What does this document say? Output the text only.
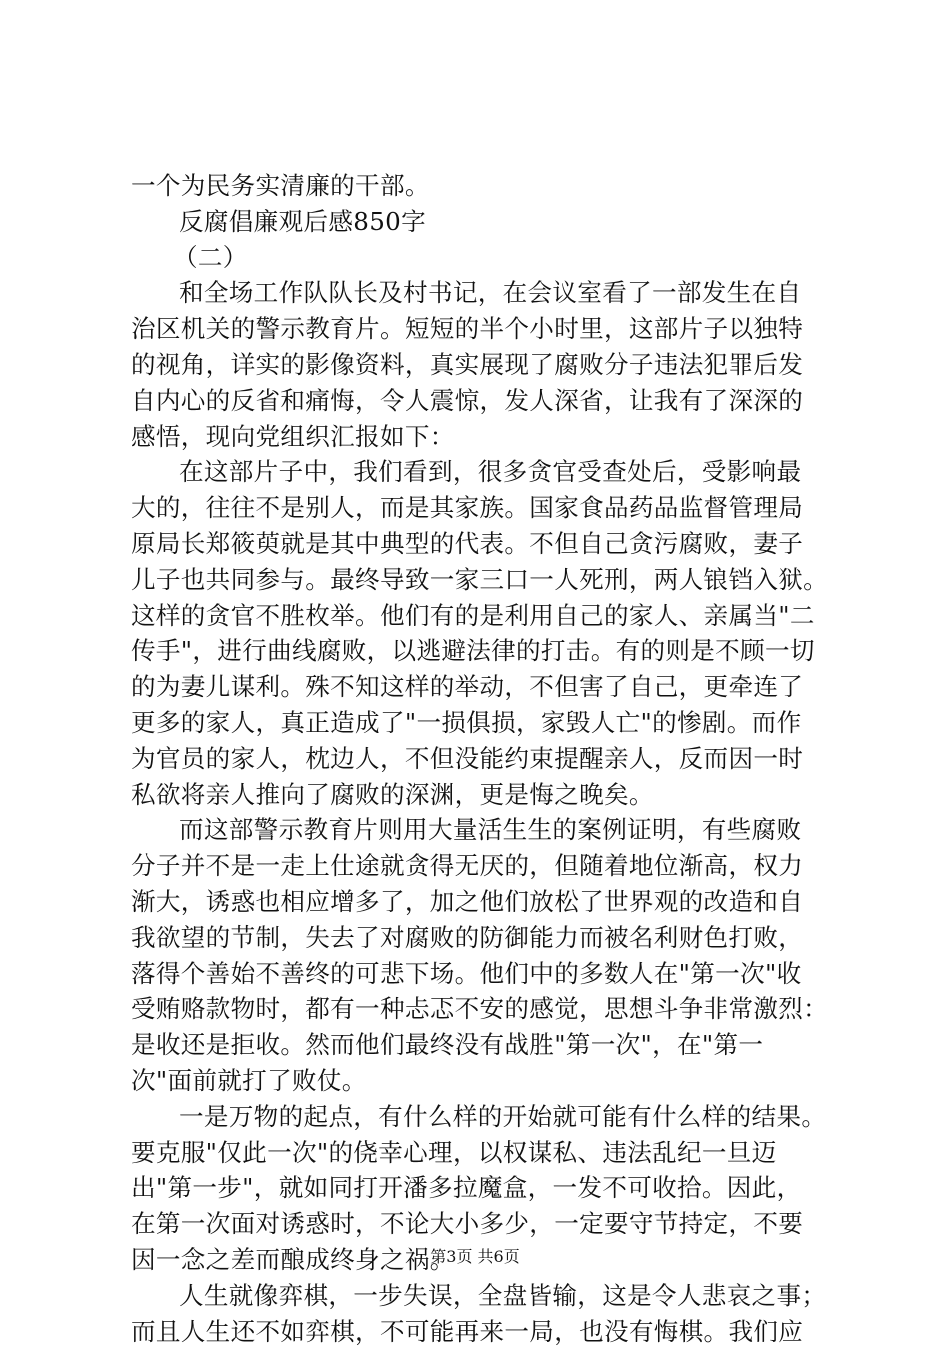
一个为民务实清廉的干部。
反腐倡廉观后感850字
（二）
和全场工作队队长及村书记，在会议室看了一部发生在自
治区机关的警示教育片。短短的半个小时里，这部片子以独特
的视角，详实的影像资料，真实展现了腐败分子违法犯罪后发
自内心的反省和痛悔，令人震惊，发人深省，让我有了深深的
感悟，现向党组织汇报如下：
在这部片子中，我们看到，很多贪官受查处后，受影响最
大的，往往不是别人，而是其家族。国家食品药品监督管理局
原局长郑筱萸就是其中典型的代表。不但自己贪污腐败，妻子
儿子也共同参与。最终导致一家三口一人死刑，两人锒铛入狱。
这样的贪官不胜枚举。他们有的是利用自己的家人、亲属当"二
传手"，进行曲线腐败，以逃避法律的打击。有的则是不顾一切
的为妻儿谋利。殊不知这样的举动，不但害了自己，更牵连了
更多的家人，真正造成了"一损俱损，家毁人亡"的惨剧。而作
为官员的家人，枕边人，不但没能约束提醒亲人，反而因一时
私欲将亲人推向了腐败的深渊，更是悔之晚矣。
而这部警示教育片则用大量活生生的案例证明，有些腐败
分子并不是一走上仕途就贪得无厌的，但随着地位渐高，权力
渐大，诱惑也相应增多了，加之他们放松了世界观的改造和自
我欲望的节制，失去了对腐败的防御能力而被名利财色打败，
落得个善始不善终的可悲下场。他们中的多数人在"第一次"收
受贿赂款物时，都有一种忐忑不安的感觉，思想斗争非常激烈：
是收还是拒收。然而他们最终没有战胜"第一次"，在"第一
次"面前就打了败仗。
一是万物的起点，有什么样的开始就可能有什么样的结果。
要克服"仅此一次"的侥幸心理，以权谋私、违法乱纪一旦迈
出"第一步"，就如同打开潘多拉魔盒，一发不可收拾。因此，
在第一次面对诱惑时，不论大小多少，一定要守节持定，不要
因一念之差而酿成终身之祸。
人生就像弈棋，一步失误，全盘皆输，这是令人悲哀之事；
而且人生还不如弈棋，不可能再来一局，也没有悔棋。我们应
第3页 共6页
